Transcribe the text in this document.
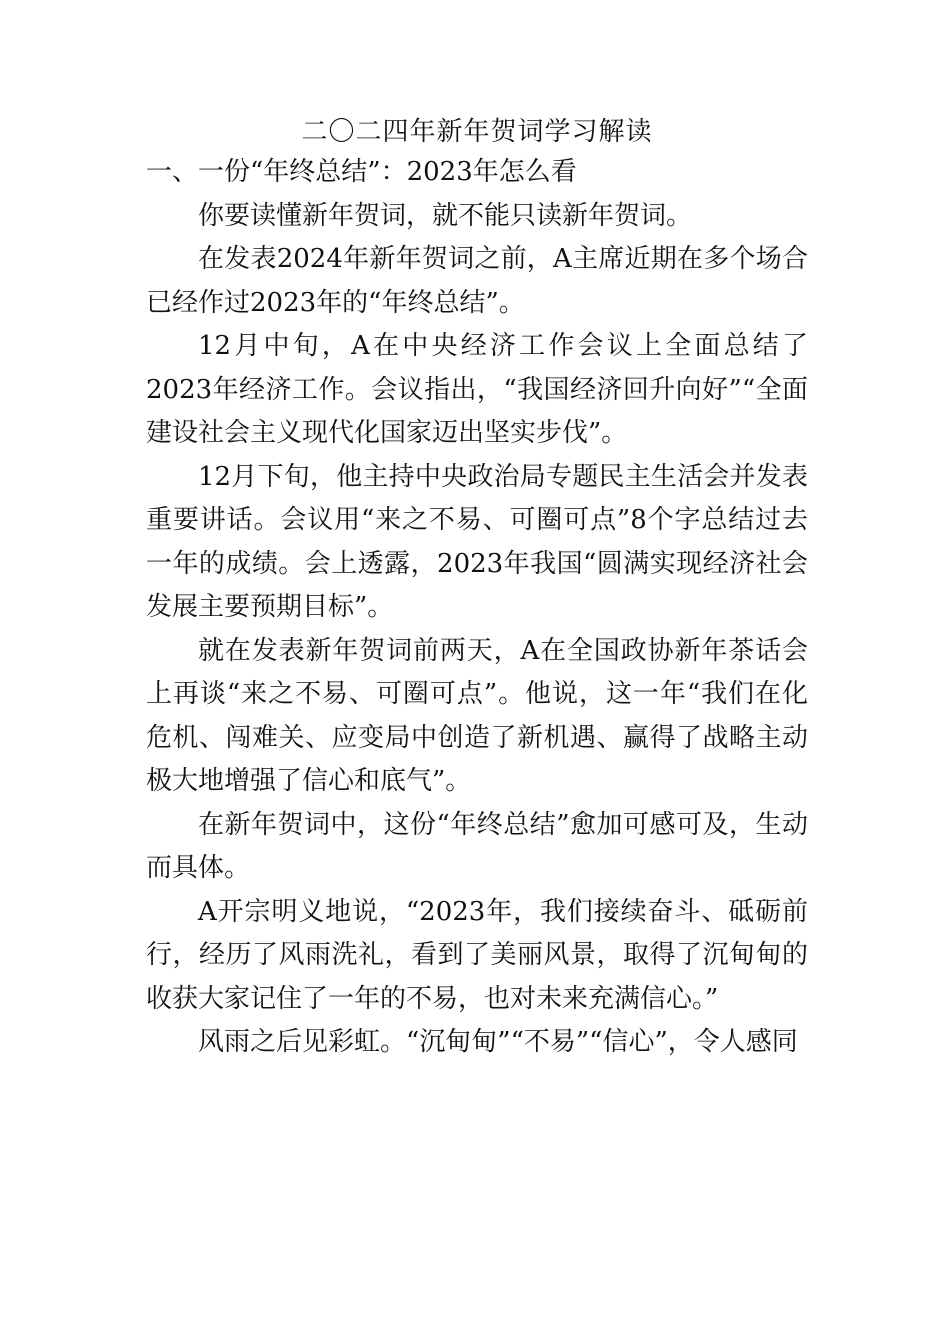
二〇二四年新年贺词学习解读
一、一份“年终总结”：2023年怎么看

你要读懂新年贺词，就不能只读新年贺词。

在发表2024年新年贺词之前，A主席近期在多个场合已经作过2023年的“年终总结”。

12月中旬，A在中央经济工作会议上全面总结了2023年经济工作。会议指出，“我国经济回升向好”“全面建设社会主义现代化国家迈出坚实步伐”。

12月下旬，他主持中央政治局专题民主生活会并发表重要讲话。会议用“来之不易、可圈可点”8个字总结过去一年的成绩。会上透露，2023年我国“圆满实现经济社会发展主要预期目标”。

就在发表新年贺词前两天，A在全国政协新年茶话会上再谈“来之不易、可圈可点”。他说，这一年“我们在化危机、闯难关、应变局中创造了新机遇、赢得了战略主动极大地增强了信心和底气”。

在新年贺词中，这份“年终总结”愈加可感可及，生动而具体。

A开宗明义地说，“2023年，我们接续奋斗、砥砺前行，经历了风雨洗礼，看到了美丽风景，取得了沉甸甸的收获大家记住了一年的不易，也对未来充满信心。”

风雨之后见彩虹。“沉甸甸”“不易”“信心”，令人感同
